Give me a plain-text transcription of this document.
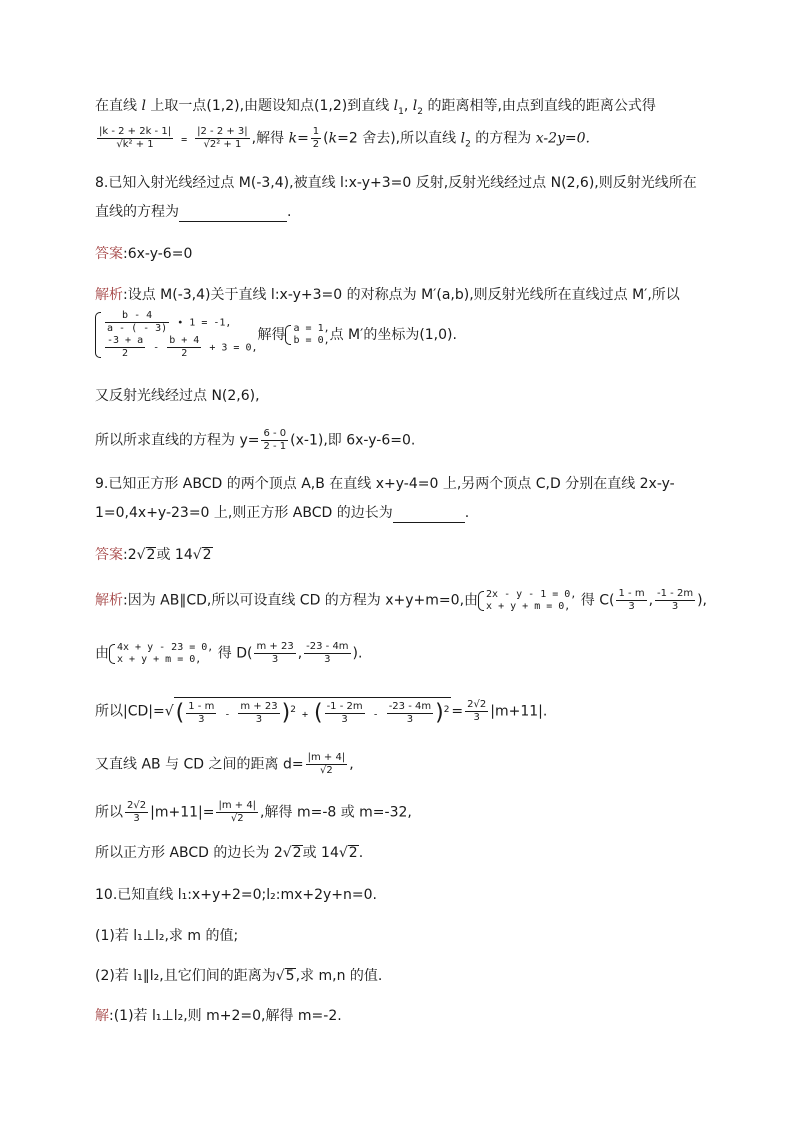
在直线 l 上取一点(1,2),由题设知点(1,2)到直线 $l_1$, $l_2$ 的距离相等,由点到直线的距离公式得
$\frac{|k - 2 + 2k - 1|}{\text{√k² + 1}} = \frac{|2 - 2 + 3|}{\text{√2² + 1}}$ ,解得 $k= \frac{1}{2} (k=2$ 舍去),所以直线 $l_2$ 的方程为 x-2y=0.
8.已知入射光线经过点 M(-3,4),被直线 l:x-y+3=0 反射,反射光线经过点 N(2,6),则反射光线所在
直线的方程为	.
答案:6x-y-6=0
解析:设点 M(-3,4)关于直线 l:x-y+3=0 的对称点为 M′(a,b),则反射光线所在直线过点 M′,所以
$\frac{b - 4}{a - ( - 3)}$ • 1 = -1,
$\frac{-3 + a}{2} - \frac{b + 4}{2} + 3 = 0$,
解得 a = 1,
b = 0, 点 M′的坐标为(1,0).
又反射光线经过点 N(2,6),
所以所求直线的方程为 $y= \frac{6 - 0}{2 - 1} (x-1)$,即 6x-y-6=0.
9.已知正方形 ABCD 的两个顶点 A,B 在直线 x+y-4=0 上,另两个顶点 C,D 分别在直线 2x-y-
1=0,4x+y-23=0 上,则正方形 ABCD 的边长为	.
答案:2√2或 14√2
解析:因为 AB∥CD,所以可设直线 CD 的方程为 x+y+m=0,由 2x - y - 1 = 0,
x + y + m = 0, 得 $C( \frac{1 - m}{3}$ , $\frac{-1 - 2m}{3}$ ),
由 4x + y - 23 = 0,
x + y + m = 0, 得 $D( \frac{m + 23}{3}$ , $\frac{-23 - 4m}{3}$ ).
所以$|CD|=√( \frac{1 - m}{3} - \frac{m + 23}{3} )^2$ + ( $\frac{-1 - 2m}{3} - \frac{-23 - 4m}{3} )^2 = \frac{2√2}{3} |m+11|$.
又直线 AB 与 CD 之间的距离 $d= \frac{|m + 4|}{√2}$ ,
所以 $\frac{2√2}{3} |m+11|= \frac{|m + 4|}{√2}$ ,解得 m=-8 或 m=-32,
所以正方形 ABCD 的边长为 2√2或 14√2.
10.已知直线 l₁:x+y+2=0;l₂:mx+2y+n=0.
(1)若 l₁⊥l₂,求 m 的值;
(2)若 l₁∥l₂,且它们间的距离为√5,求 m,n 的值.
解:(1)若 l₁⊥l₂,则 m+2=0,解得 m=-2.
